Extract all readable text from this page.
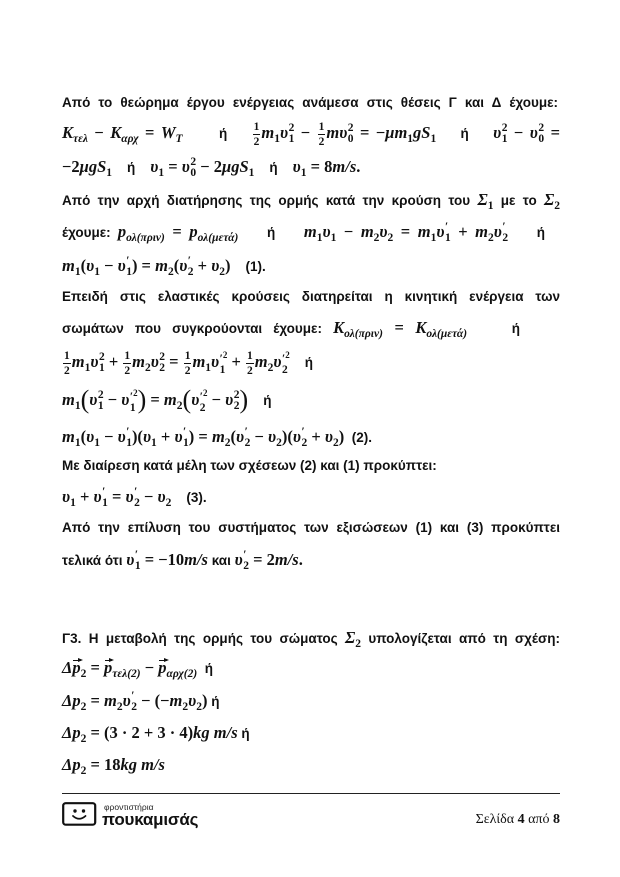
Από το θεώρημα έργου ενέργειας ανάμεσα στις θέσεις Γ και Δ έχουμε:
Kτελ − Kαρχ = WT      ή $\frac{1}{2} m1\upsilon$ 2
$1 - \frac{1}{2}$ mυ 2
0 = −μm1gS1    ή    υ 2
1 − υ 2
0 =
−2μgS1    ή    υ1 = υ 2
0 − 2μgS1    ή    υ1 = 8m/s.
Από την αρχή διατήρησης της ορμής κατά την κρούση του Σ1 με το Σ2
έχουμε: pολ(πριν) = pολ(μετά)    ή    m1υ1 − m2υ2 = m1υ ′
1 + m2υ ′
2 ή
m1(υ1 − υ ′
1 ) = m2(υ ′
2 + υ2)    (1).
Επειδή στις ελαστικές κρούσεις διατηρείται η κινητική ενέργεια των
σωμάτων που συγκρούονται έχουμε: Kολ(πριν) = Kολ(μετά)    ή
$\frac{1}{2} m1\upsilon$ 2
$1 + \frac{1}{2} m2\upsilon$ 2
$2 = \frac{1}{2} m1\upsilon$ $'^2$
$1 + \frac{1}{2} m2\upsilon$ $'^2$
2
ή
m1(υ 2
1 − υ $'^2$
1 ) = m2(υ $'^2$
2 − υ 2
2 )    ή
m1(υ1 − υ ′
1 )(υ1 + υ ′
1 ) = m2(υ ′
2 − υ2)(υ ′
2 + υ2)  (2).
Με διαίρεση κατά μέλη των σχέσεων (2) και (1) προκύπτει:
υ1 + υ ′
1 = υ ′
2 − υ2    (3).
Από την επίλυση του συστήματος των εξισώσεων (1) και (3) προκύπτει
τελικά ότι υ ′
1 = −10m/s και υ ′
2 = 2m/s.
Γ3. Η μεταβολή της ορμής του σώματος Σ2 υπολογίζεται από τη σχέση:
Δp2 = pτελ(2) − pαρχ(2)  ή
Δp2 = m2υ ′
2 − (−m2υ2) ή
Δp2 = (3 · 2 + 3 · 4)kg m/s ή
Δp2 = 18kg m/s
φροντιστήρια
πουκαμισάς	Σελίδα 4 από 8
